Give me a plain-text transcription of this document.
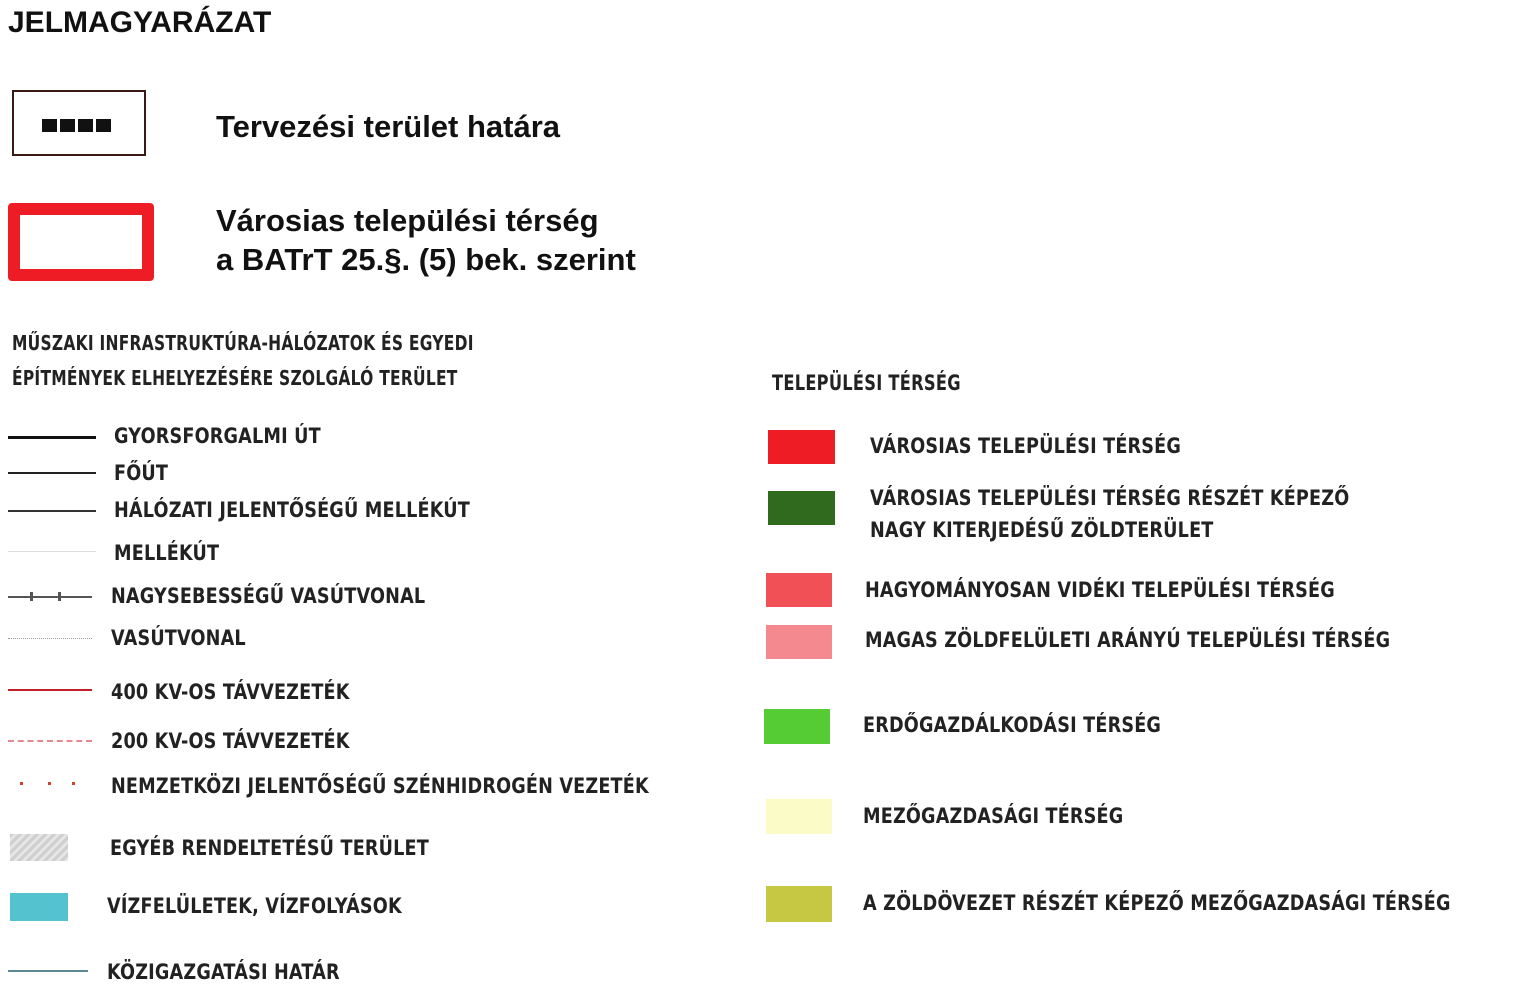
JELMAGYARÁZAT
Tervezési terület határa
Városias települési térség
a BATrT 25.§. (5) bek. szerint
MŰSZAKI INFRASTRUKTÚRA-HÁLÓZATOK ÉS EGYEDI
ÉPÍTMÉNYEK ELHELYEZÉSÉRE SZOLGÁLÓ TERÜLET
GYORSFORGALMI ÚT
FŐÚT
HÁLÓZATI JELENTŐSÉGŰ MELLÉKÚT
MELLÉKÚT
NAGYSEBESSÉGŰ VASÚTVONAL
VASÚTVONAL
400 KV-OS TÁVVEZETÉK
200 KV-OS TÁVVEZETÉK
NEMZETKÖZI JELENTŐSÉGŰ SZÉNHIDROGÉN VEZETÉK
EGYÉB RENDELTETÉSŰ TERÜLET
VÍZFELÜLETEK, VÍZFOLYÁSOK
KÖZIGAZGATÁSI HATÁR
TELEPÜLÉSI TÉRSÉG
VÁROSIAS TELEPÜLÉSI TÉRSÉG
VÁROSIAS TELEPÜLÉSI TÉRSÉG RÉSZÉT KÉPEZŐ
NAGY KITERJEDÉSŰ ZÖLDTERÜLET
HAGYOMÁNYOSAN VIDÉKI TELEPÜLÉSI TÉRSÉG
MAGAS ZÖLDFELÜLETI ARÁNYÚ TELEPÜLÉSI TÉRSÉG
ERDŐGAZDÁLKODÁSI TÉRSÉG
MEZŐGAZDASÁGI TÉRSÉG
A ZÖLDÖVEZET RÉSZÉT KÉPEZŐ MEZŐGAZDASÁGI TÉRSÉG
